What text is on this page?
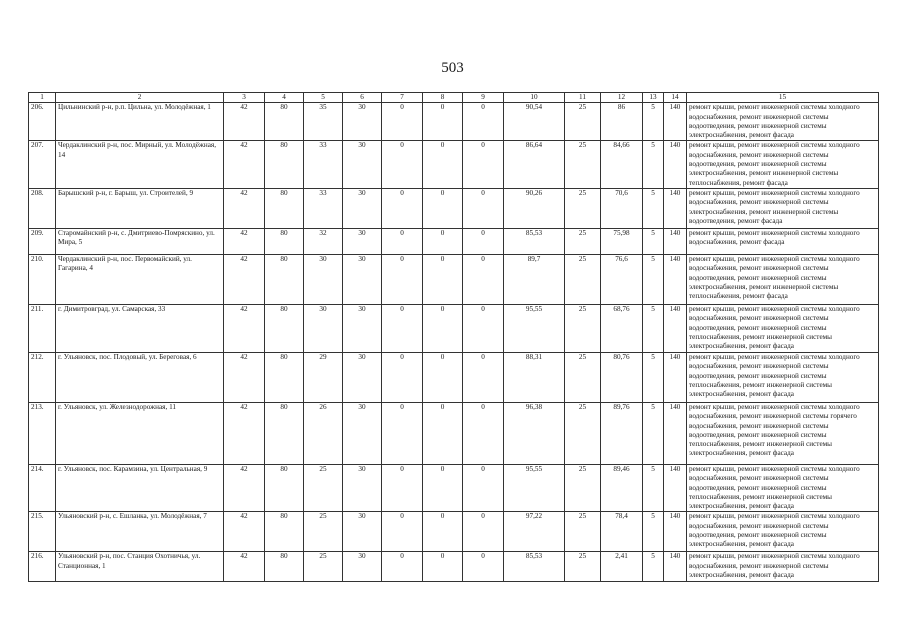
503
1	2	3	4	5	6	7	8	9	10	11	12	13	14	15
206.	Цильнинский р-н, р.п. Цильна, ул. Молодёжная, 1	42	80	35	30	0	0	0	90,54	25	86	5	140	ремонт крыши, ремонт инженерной системы холодного водоснабжения, ремонт инженерной системы водоотведения, ремонт инженерной системы электроснабжения, ремонт фасада
207.	Чердаклинский р-н, пос. Мирный, ул. Молодёжная, 14	42	80	33	30	0	0	0	86,64	25	84,66	5	140	ремонт крыши, ремонт инженерной системы холодного водоснабжения, ремонт инженерной системы водоотведения, ремонт инженерной системы электроснабжения, ремонт инженерной системы теплоснабжения, ремонт фасада
208.	Барышский р-н, г. Барыш, ул. Строителей, 9	42	80	33	30	0	0	0	90,26	25	70,6	5	140	ремонт крыши, ремонт инженерной системы холодного водоснабжения, ремонт инженерной системы электроснабжения, ремонт инженерной системы водоотведения, ремонт фасада
209.	Старомайнский р-н, с. Дмитриево-Помряскино, ул. Мира, 5	42	80	32	30	0	0	0	85,53	25	75,98	5	140	ремонт крыши, ремонт инженерной системы холодного водоснабжения, ремонт фасада
210.	Чердаклинский р-н, пос. Первомайский, ул. Гагарина, 4	42	80	30	30	0	0	0	89,7	25	76,6	5	140	ремонт крыши, ремонт инженерной системы холодного водоснабжения, ремонт инженерной системы водоотведения, ремонт инженерной системы электроснабжения, ремонт инженерной системы теплоснабжения, ремонт фасада
211.	г. Димитровград, ул. Самарская, 33	42	80	30	30	0	0	0	95,55	25	68,76	5	140	ремонт крыши, ремонт инженерной системы холодного водоснабжения, ремонт инженерной системы водоотведения, ремонт инженерной системы теплоснабжения, ремонт инженерной системы электроснабжения, ремонт фасада
212.	г. Ульяновск, пос. Плодовый, ул. Береговая, 6	42	80	29	30	0	0	0	88,31	25	80,76	5	140	ремонт крыши, ремонт инженерной системы холодного водоснабжения, ремонт инженерной системы водоотведения, ремонт инженерной системы теплоснабжения, ремонт инженерной системы электроснабжения, ремонт фасада
213.	г. Ульяновск, ул. Железнодорожная, 11	42	80	26	30	0	0	0	96,38	25	89,76	5	140	ремонт крыши, ремонт инженерной системы холодного водоснабжения, ремонт инженерной системы горячего водоснабжения, ремонт инженерной системы водоотведения, ремонт инженерной системы теплоснабжения, ремонт инженерной системы электроснабжения, ремонт фасада
214.	г. Ульяновск, пос. Карамзина, ул. Центральная, 9	42	80	25	30	0	0	0	95,55	25	89,46	5	140	ремонт крыши, ремонт инженерной системы холодного водоснабжения, ремонт инженерной системы водоотведения, ремонт инженерной системы теплоснабжения, ремонт инженерной системы электроснабжения, ремонт фасада
215.	Ульяновский р-н, с. Ешланка, ул. Молодёжная, 7	42	80	25	30	0	0	0	97,22	25	78,4	5	140	ремонт крыши, ремонт инженерной системы холодного водоснабжения, ремонт инженерной системы водоотведения, ремонт инженерной системы электроснабжения, ремонт фасада
216.	Ульяновский р-н, пос. Станция Охотничья, ул. Станционная, 1	42	80	25	30	0	0	0	85,53	25	2,41	5	140	ремонт крыши, ремонт инженерной системы холодного водоснабжения, ремонт инженерной системы электроснабжения, ремонт фасада
